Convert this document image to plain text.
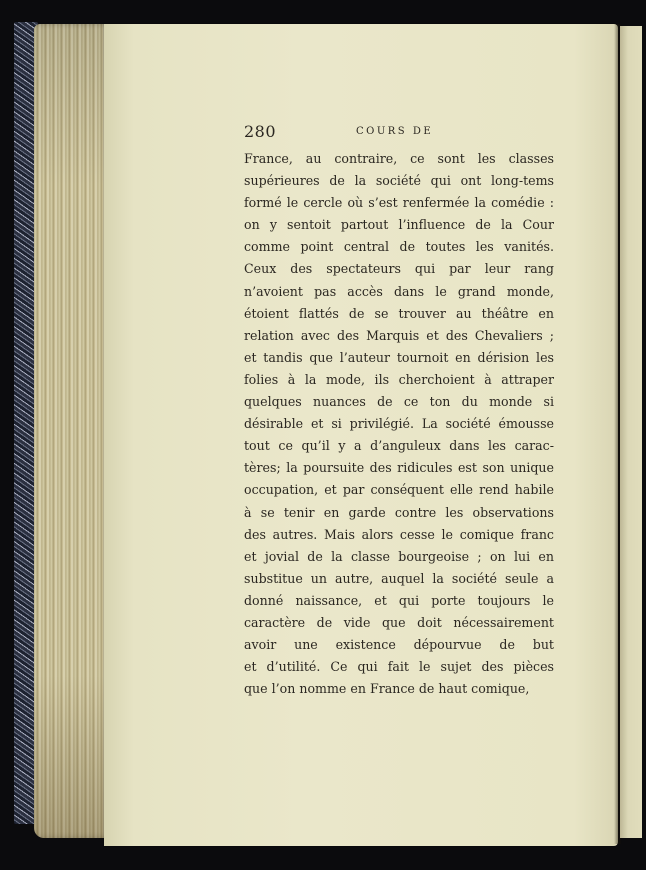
280	COURS DE
France, au contraire, ce sont les classes
supérieures de la société qui ont long-tems
formé le cercle où s’est renfermée la comédie :
on y sentoit partout l’influence de la Cour
comme point central de toutes les vanités.
Ceux des spectateurs qui par leur rang
n’avoient pas accès dans le grand monde,
étoient flattés de se trouver au théâtre en
relation avec des Marquis et des Chevaliers ;
et tandis que l’auteur tournoit en dérision les
folies à la mode, ils cherchoient à attraper
quelques nuances de ce ton du monde si
désirable et si privilégié. La société émousse
tout ce qu’il y a d’anguleux dans les carac-
tères; la poursuite des ridicules est son unique
occupation, et par conséquent elle rend habile
à se tenir en garde contre les observations
des autres. Mais alors cesse le comique franc
et jovial de la classe bourgeoise ; on lui en
substitue un autre, auquel la société seule a
donné naissance, et qui porte toujours le
caractère de vide que doit nécessairement
avoir une existence dépourvue de but
et d’utilité. Ce qui fait le sujet des pièces
que l’on nomme en France de haut comique,
